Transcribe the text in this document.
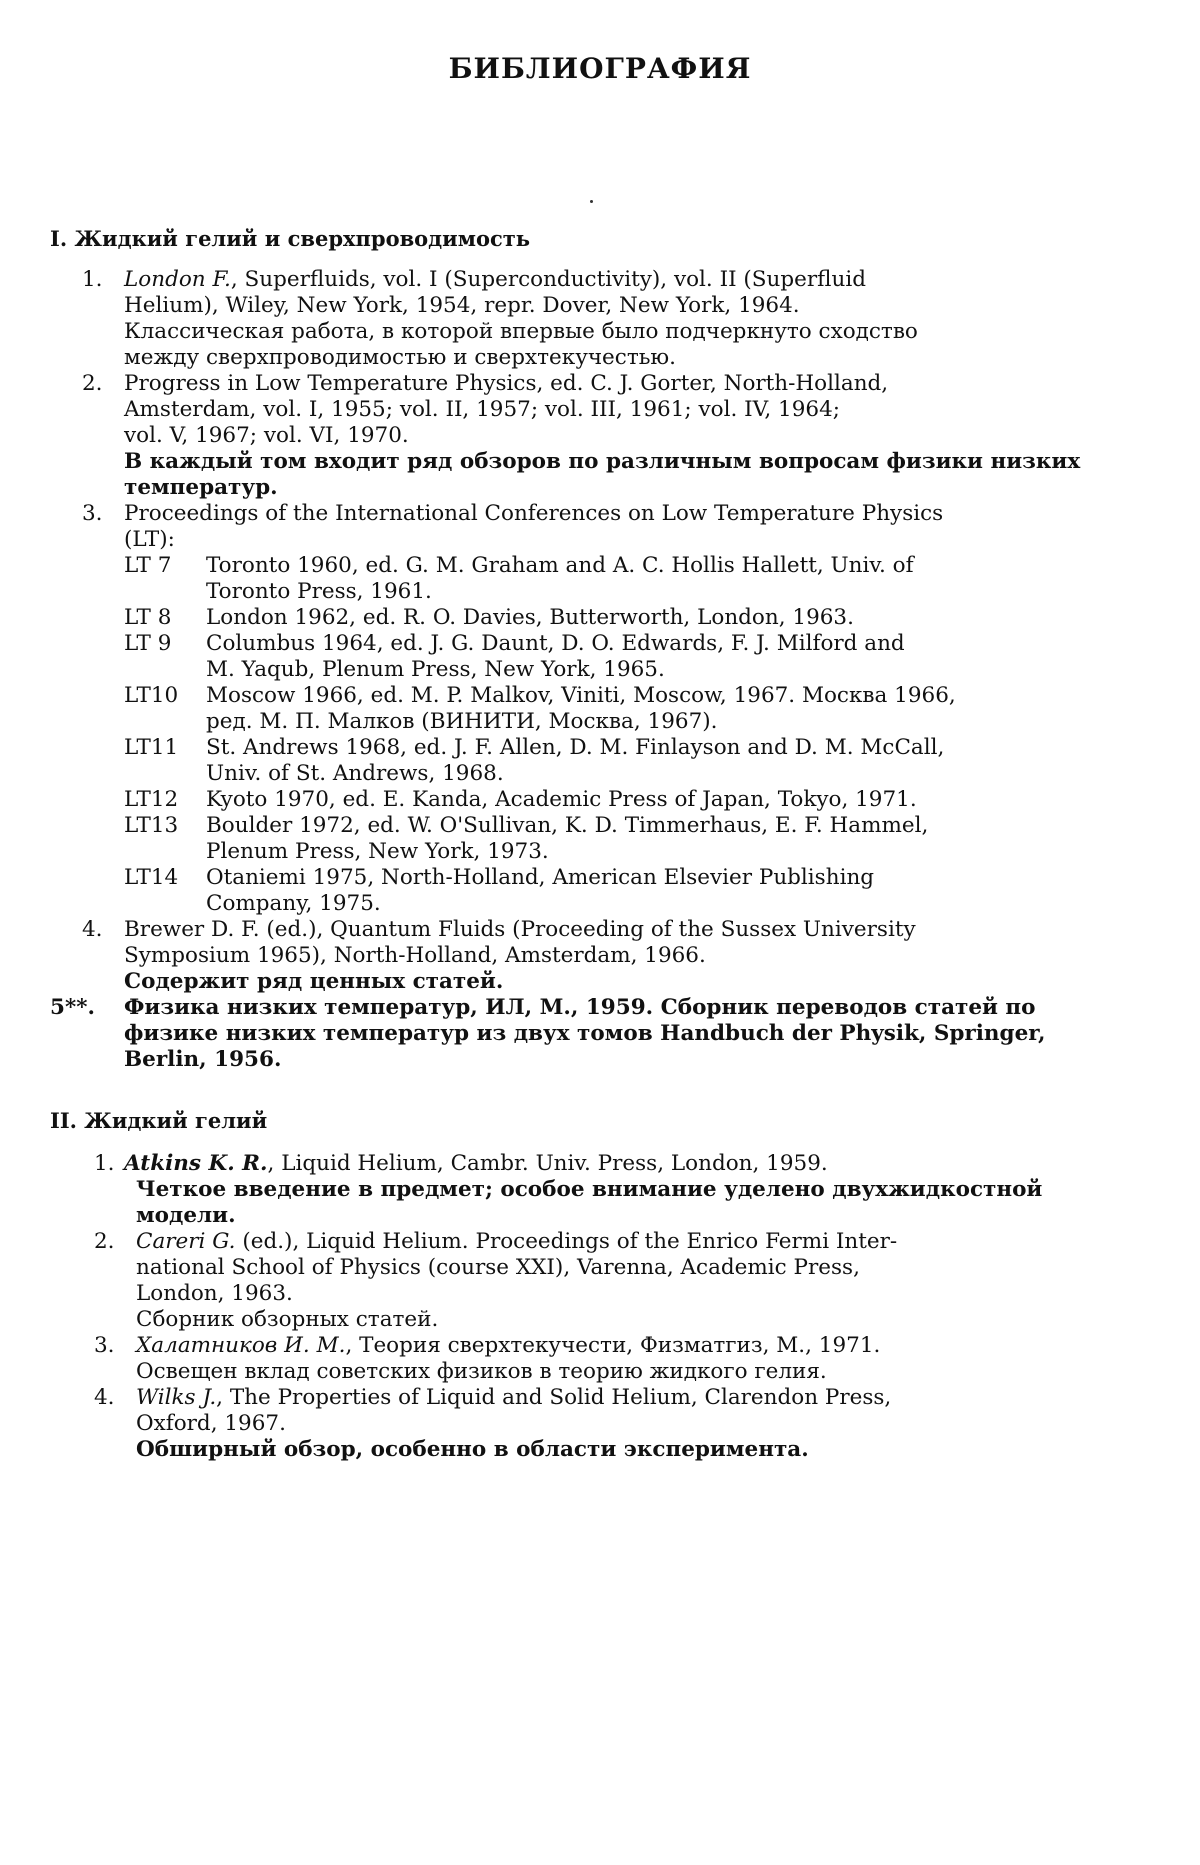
БИБЛИОГРАФИЯ
I. Жидкий гелий и сверхпроводимость
1. London F., Superfluids, vol. I (Superconductivity), vol. II (Superfluid
Helium), Wiley, New York, 1954, repr. Dover, New York, 1964.
Классическая работа, в которой впервые было подчеркнуто сходство
между сверхпроводимостью и сверхтекучестью.
2. Progress in Low Temperature Physics, ed. C. J. Gorter, North-Holland,
Amsterdam, vol. I, 1955; vol. II, 1957; vol. III, 1961; vol. IV, 1964;
vol. V, 1967; vol. VI, 1970.
В каждый том входит ряд обзоров по различным вопросам физики низких
температур.
3. Proceedings of the International Conferences on Low Temperature Physics
(LT):
LT 7 Toronto 1960, ed. G. M. Graham and A. C. Hollis Hallett, Univ. of
Toronto Press, 1961.
LT 8 London 1962, ed. R. O. Davies, Butterworth, London, 1963.
LT 9 Columbus 1964, ed. J. G. Daunt, D. O. Edwards, F. J. Milford and
M. Yaqub, Plenum Press, New York, 1965.
LT10 Moscow 1966, ed. M. P. Malkov, Viniti, Moscow, 1967. Москва 1966,
ред. М. П. Малков (ВИНИТИ, Москва, 1967).
LT11 St. Andrews 1968, ed. J. F. Allen, D. M. Finlayson and D. M. McCall,
Univ. of St. Andrews, 1968.
LT12 Kyoto 1970, ed. E. Kanda, Academic Press of Japan, Tokyo, 1971.
LT13 Boulder 1972, ed. W. O'Sullivan, K. D. Timmerhaus, E. F. Hammel,
Plenum Press, New York, 1973.
LT14 Otaniemi 1975, North-Holland, American Elsevier Publishing
Company, 1975.
4. Brewer D. F. (ed.), Quantum Fluids (Proceeding of the Sussex University
Symposium 1965), North-Holland, Amsterdam, 1966.
Содержит ряд ценных статей.
5**. Физика низких температур, ИЛ, М., 1959. Сборник переводов статей по
физике низких температур из двух томов Handbuch der Physik, Springer,
Berlin, 1956.
II. Жидкий гелий
1. Atkins K. R., Liquid Helium, Cambr. Univ. Press, London, 1959.
Четкое введение в предмет; особое внимание уделено двухжидкостной
модели.
2. Careri G. (ed.), Liquid Helium. Proceedings of the Enrico Fermi Inter-
national School of Physics (course XXI), Varenna, Academic Press,
London, 1963.
Сборник обзорных статей.
3. Халатников И. М., Теория сверхтекучести, Физматгиз, М., 1971.
Освещен вклад советских физиков в теорию жидкого гелия.
4. Wilks J., The Properties of Liquid and Solid Helium, Clarendon Press,
Oxford, 1967.
Обширный обзор, особенно в области эксперимента.
